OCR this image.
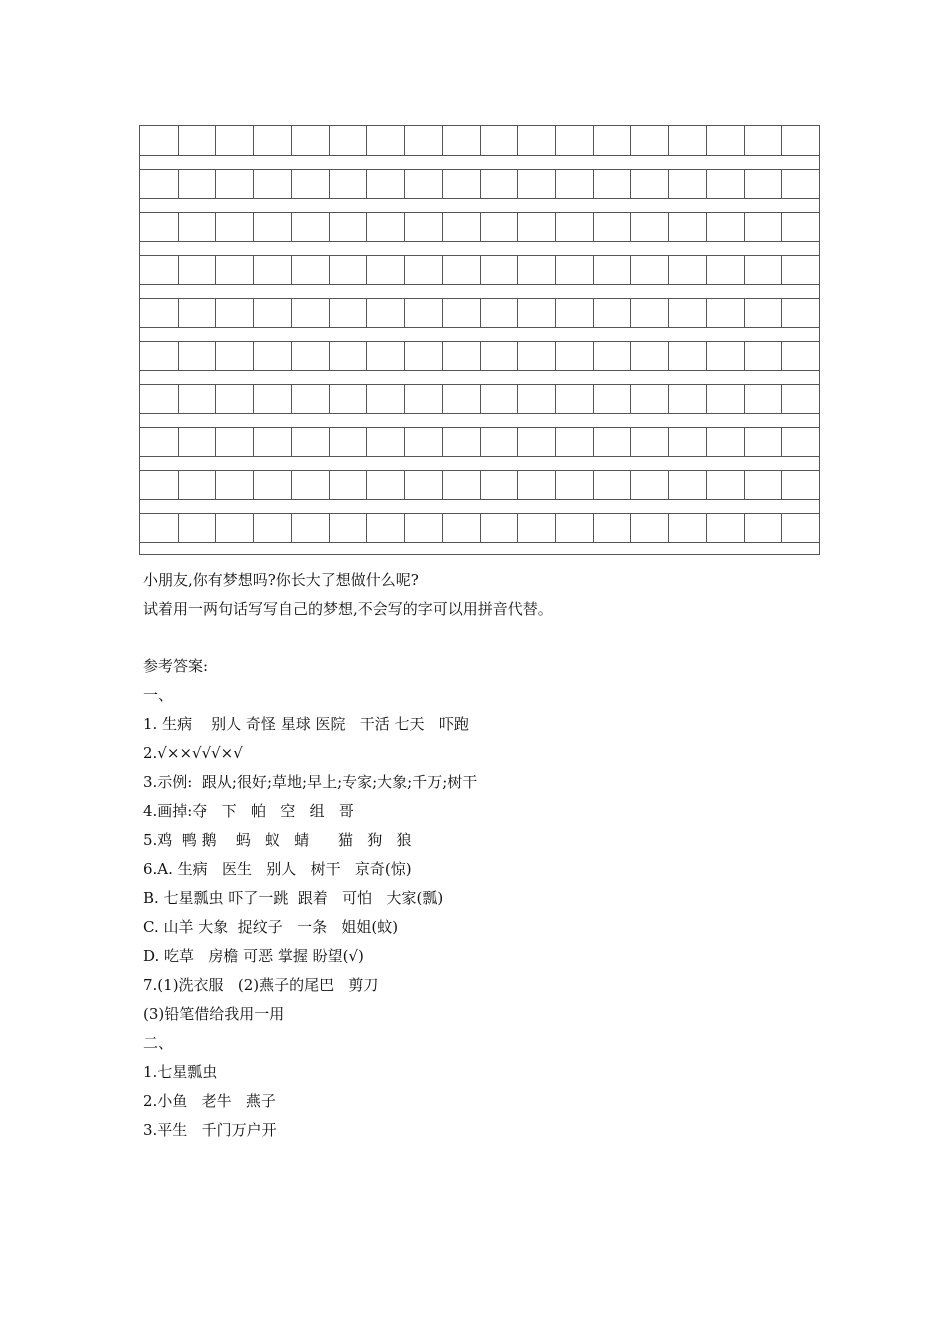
小朋友,你有梦想吗?你长大了想做什么呢?
试着用一两句话写写自己的梦想,不会写的字可以用拼音代替。
参考答案:
一、
1. 生病    别人 奇怪 星球 医院   干活 七天   吓跑
2.√××√√√×√
3.示例:  跟从;很好;草地;早上;专家;大象;千万;树干
4.画掉:夺   下   帕   空   组   哥
5.鸡  鸭 鹅    蚂   蚁   蜻      猫   狗   狼
6.A. 生病   医生   别人   树干   京奇(惊)
B. 七星瓢虫 吓了一跳  跟着   可怕   大家(瓢)
C. 山羊 大象  捉纹子   一条   姐姐(蚊)
D. 吃草   房檐 可恶 掌握 盼望(√)
7.(1)洗衣服   (2)燕子的尾巴   剪刀
(3)铅笔借给我用一用
二、
1.七星瓢虫
2.小鱼   老牛   燕子
3.平生   千门万户开
